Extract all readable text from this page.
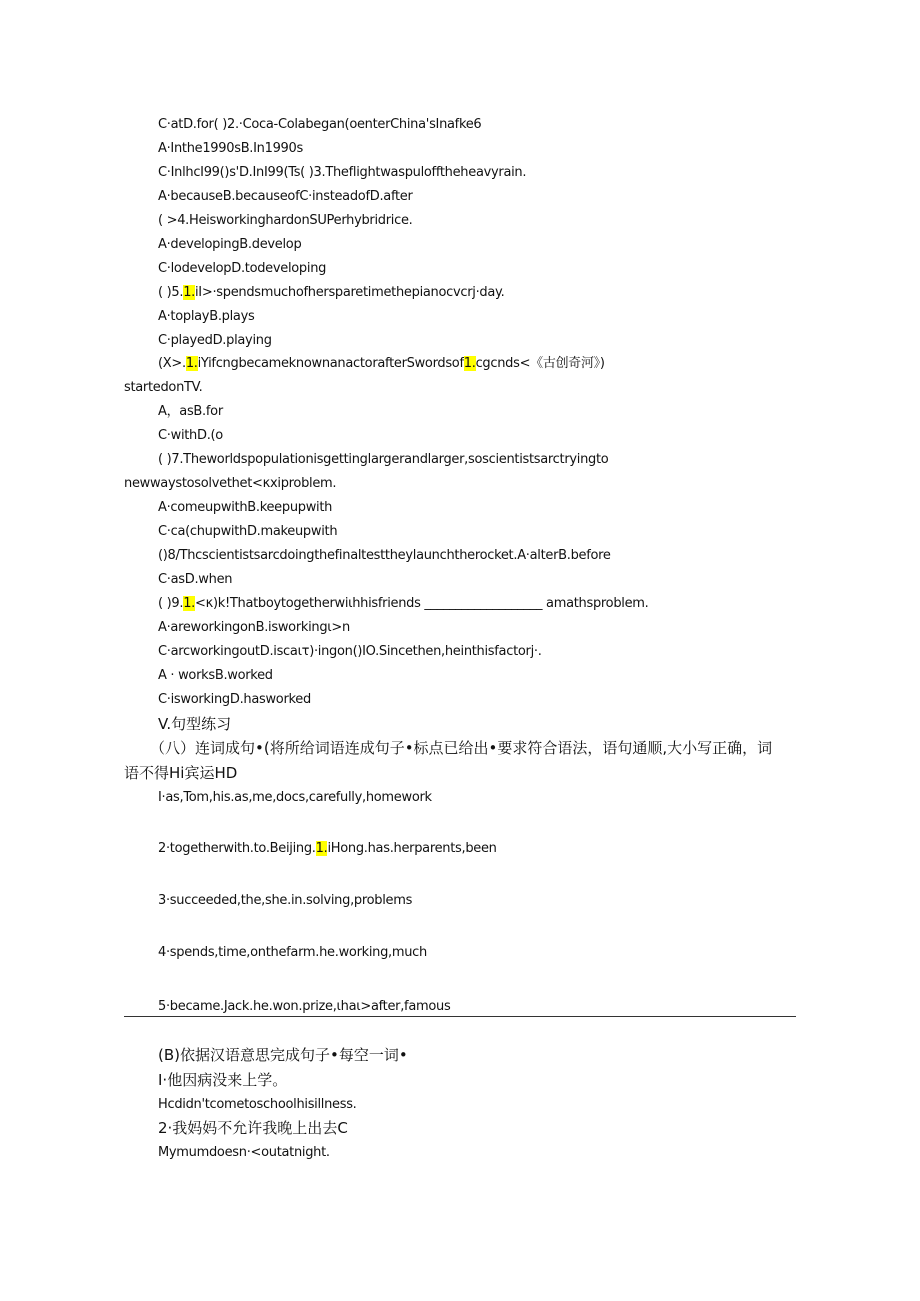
C·atD.for( )2.·Coca-Colabegan(oenterChina'sInafke6
A·Inthe1990sB.In1990s
C·InlhcI99()s'D.InI99(Ts( )3.Theflightwaspulofftheheavyrain.
A·becauseB.becauseofC·insteadofD.after
( >4.HeisworkinghardonSUPerhybridrice.
A·developingB.develop
C·lodevelopD.todeveloping
( )5.1.iI>·spendsmuchofhersparetimethepianocvcrj·day.
A·toplayB.plays
C·playedD.playing
(X>.1.iYifcngbecameknownanactorafterSwordsof1.cgcnds<《古创奇河》)
startedonTV.
A，asB.for
C·withD.(o
( )7.Theworldspopulationisgettinglargerandlarger,soscientistsarctryingto
newwaystosolvethet<κxiproblem.
A·comeupwithB.keepupwith
C·ca(chupwithD.makeupwith
()8/Thcscientistsarcdoingthefinaltesttheylaunchtherocket.A·alterB.before
C·asD.when
( )9.1.<κ)k!Thatboytogetherwiιhhisfriends ___________________ amathsproblem.
A·areworkingonB.isworkingι>n
C·arcworkingoutD.iscaιτ)·ingon()IO.Sincethen,heinthisfactorj·.
A · worksB.worked
C·isworkingD.hasworked
V.句型练习
（八）连词成句•(将所给词语连成句子•标点已给出•要求符合语法，语句通顺,大小写正确，词
语不得Hi宾运HD
I·as,Tom,his.as,me,docs,carefully,homework
2·togetherwith.to.Beijing.1.iHong.has.herparents,been
3·succeeded,the,she.in.solving,problems
4·spends,time,onthefarm.he.working,much
5·became.Jack.he.won.prize,ιhaι>after,famous
(B)依据汉语意思完成句子•每空一词•
I·他因病没来上学。
Hcdidn'tcometoschoolhisillness.
2·我妈妈不允许我晚上出去C
Mymumdoesn·<outatnight.
